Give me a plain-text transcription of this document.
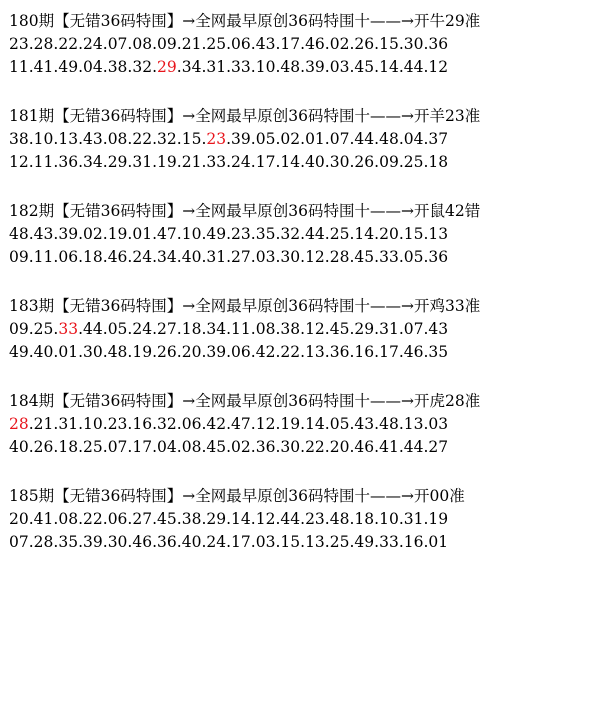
180期【无错36码特围】→全网最早原创36码特围十——→开牛29准
23.28.22.24.07.08.09.21.25.06.43.17.46.02.26.15.30.36
11.41.49.04.38.32.29.34.31.33.10.48.39.03.45.14.44.12
181期【无错36码特围】→全网最早原创36码特围十——→开羊23准
38.10.13.43.08.22.32.15.23.39.05.02.01.07.44.48.04.37
12.11.36.34.29.31.19.21.33.24.17.14.40.30.26.09.25.18
182期【无错36码特围】→全网最早原创36码特围十——→开鼠42错
48.43.39.02.19.01.47.10.49.23.35.32.44.25.14.20.15.13
09.11.06.18.46.24.34.40.31.27.03.30.12.28.45.33.05.36
183期【无错36码特围】→全网最早原创36码特围十——→开鸡33准
09.25.33.44.05.24.27.18.34.11.08.38.12.45.29.31.07.43
49.40.01.30.48.19.26.20.39.06.42.22.13.36.16.17.46.35
184期【无错36码特围】→全网最早原创36码特围十——→开虎28准
28.21.31.10.23.16.32.06.42.47.12.19.14.05.43.48.13.03
40.26.18.25.07.17.04.08.45.02.36.30.22.20.46.41.44.27
185期【无错36码特围】→全网最早原创36码特围十——→开00准
20.41.08.22.06.27.45.38.29.14.12.44.23.48.18.10.31.19
07.28.35.39.30.46.36.40.24.17.03.15.13.25.49.33.16.01
